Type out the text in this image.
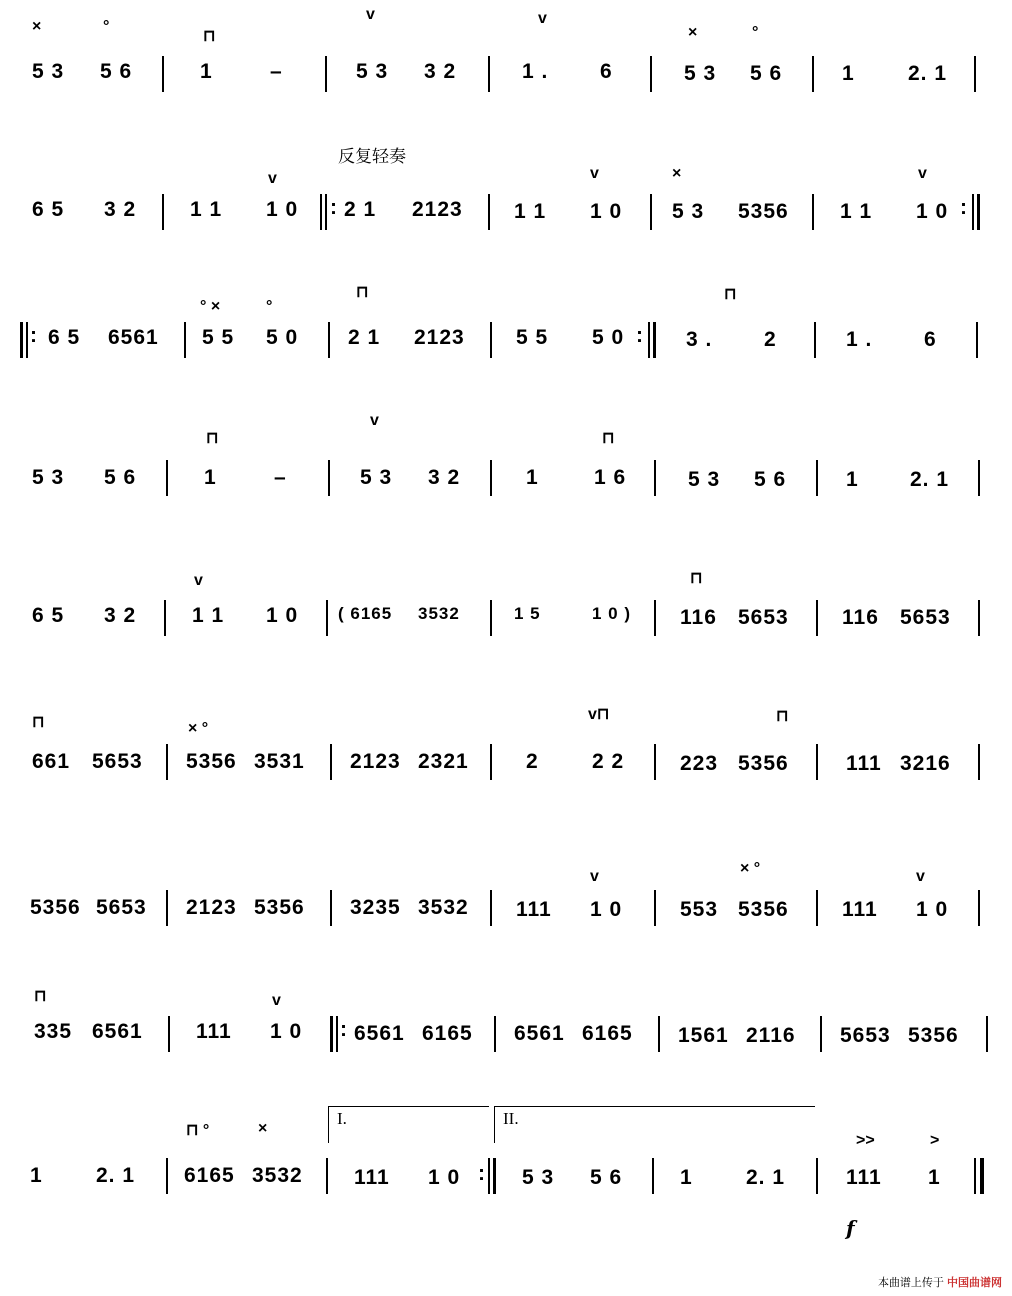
×	°
⊓
v
×	°
v
5 3 5 6	1	–	5 3 3 2	1 . 6	5 3 5 6	1	2. 1
反复轻奏
v	v	×	v
6 5 3 2	1 1 1 0 : 2 1 2123 1 1 1 0 5 3 5356 1 1 1 0 :
° ×	°
⊓	⊓
: 6 5 6561 5 5 5 0 2 1 2123 5 5 5 0 : 3 . 2	1 . 6
⊓
v
⊓
5 3 5 6	1	–	5 3 3 2	1	1 6	5 3 5 6	1 2. 1
v	⊓
6 5 3 2	1 1 1 0 ( 6165 3532	1 5	1 0 ) 116 5653	116 5653
⊓	× °
v⊓	⊓
661 5653 5356 3531 2123 2321	2	2 2	223 5356	111 3216
v	× °	v
5356 5653 2123 5356 3235 3532 111 1 0	553 5356	111 1 0
⊓	v
335 6561	111 1 0 : 6561 6165 6561 6165 1561 2116 5653 5356
I.	II.
⊓ °	×
>>	>
1	2. 1 6165 3532 111 1 0 : 5 3 5 6	1	2. 1	111 1
f
本曲谱上传于 中国曲谱网
